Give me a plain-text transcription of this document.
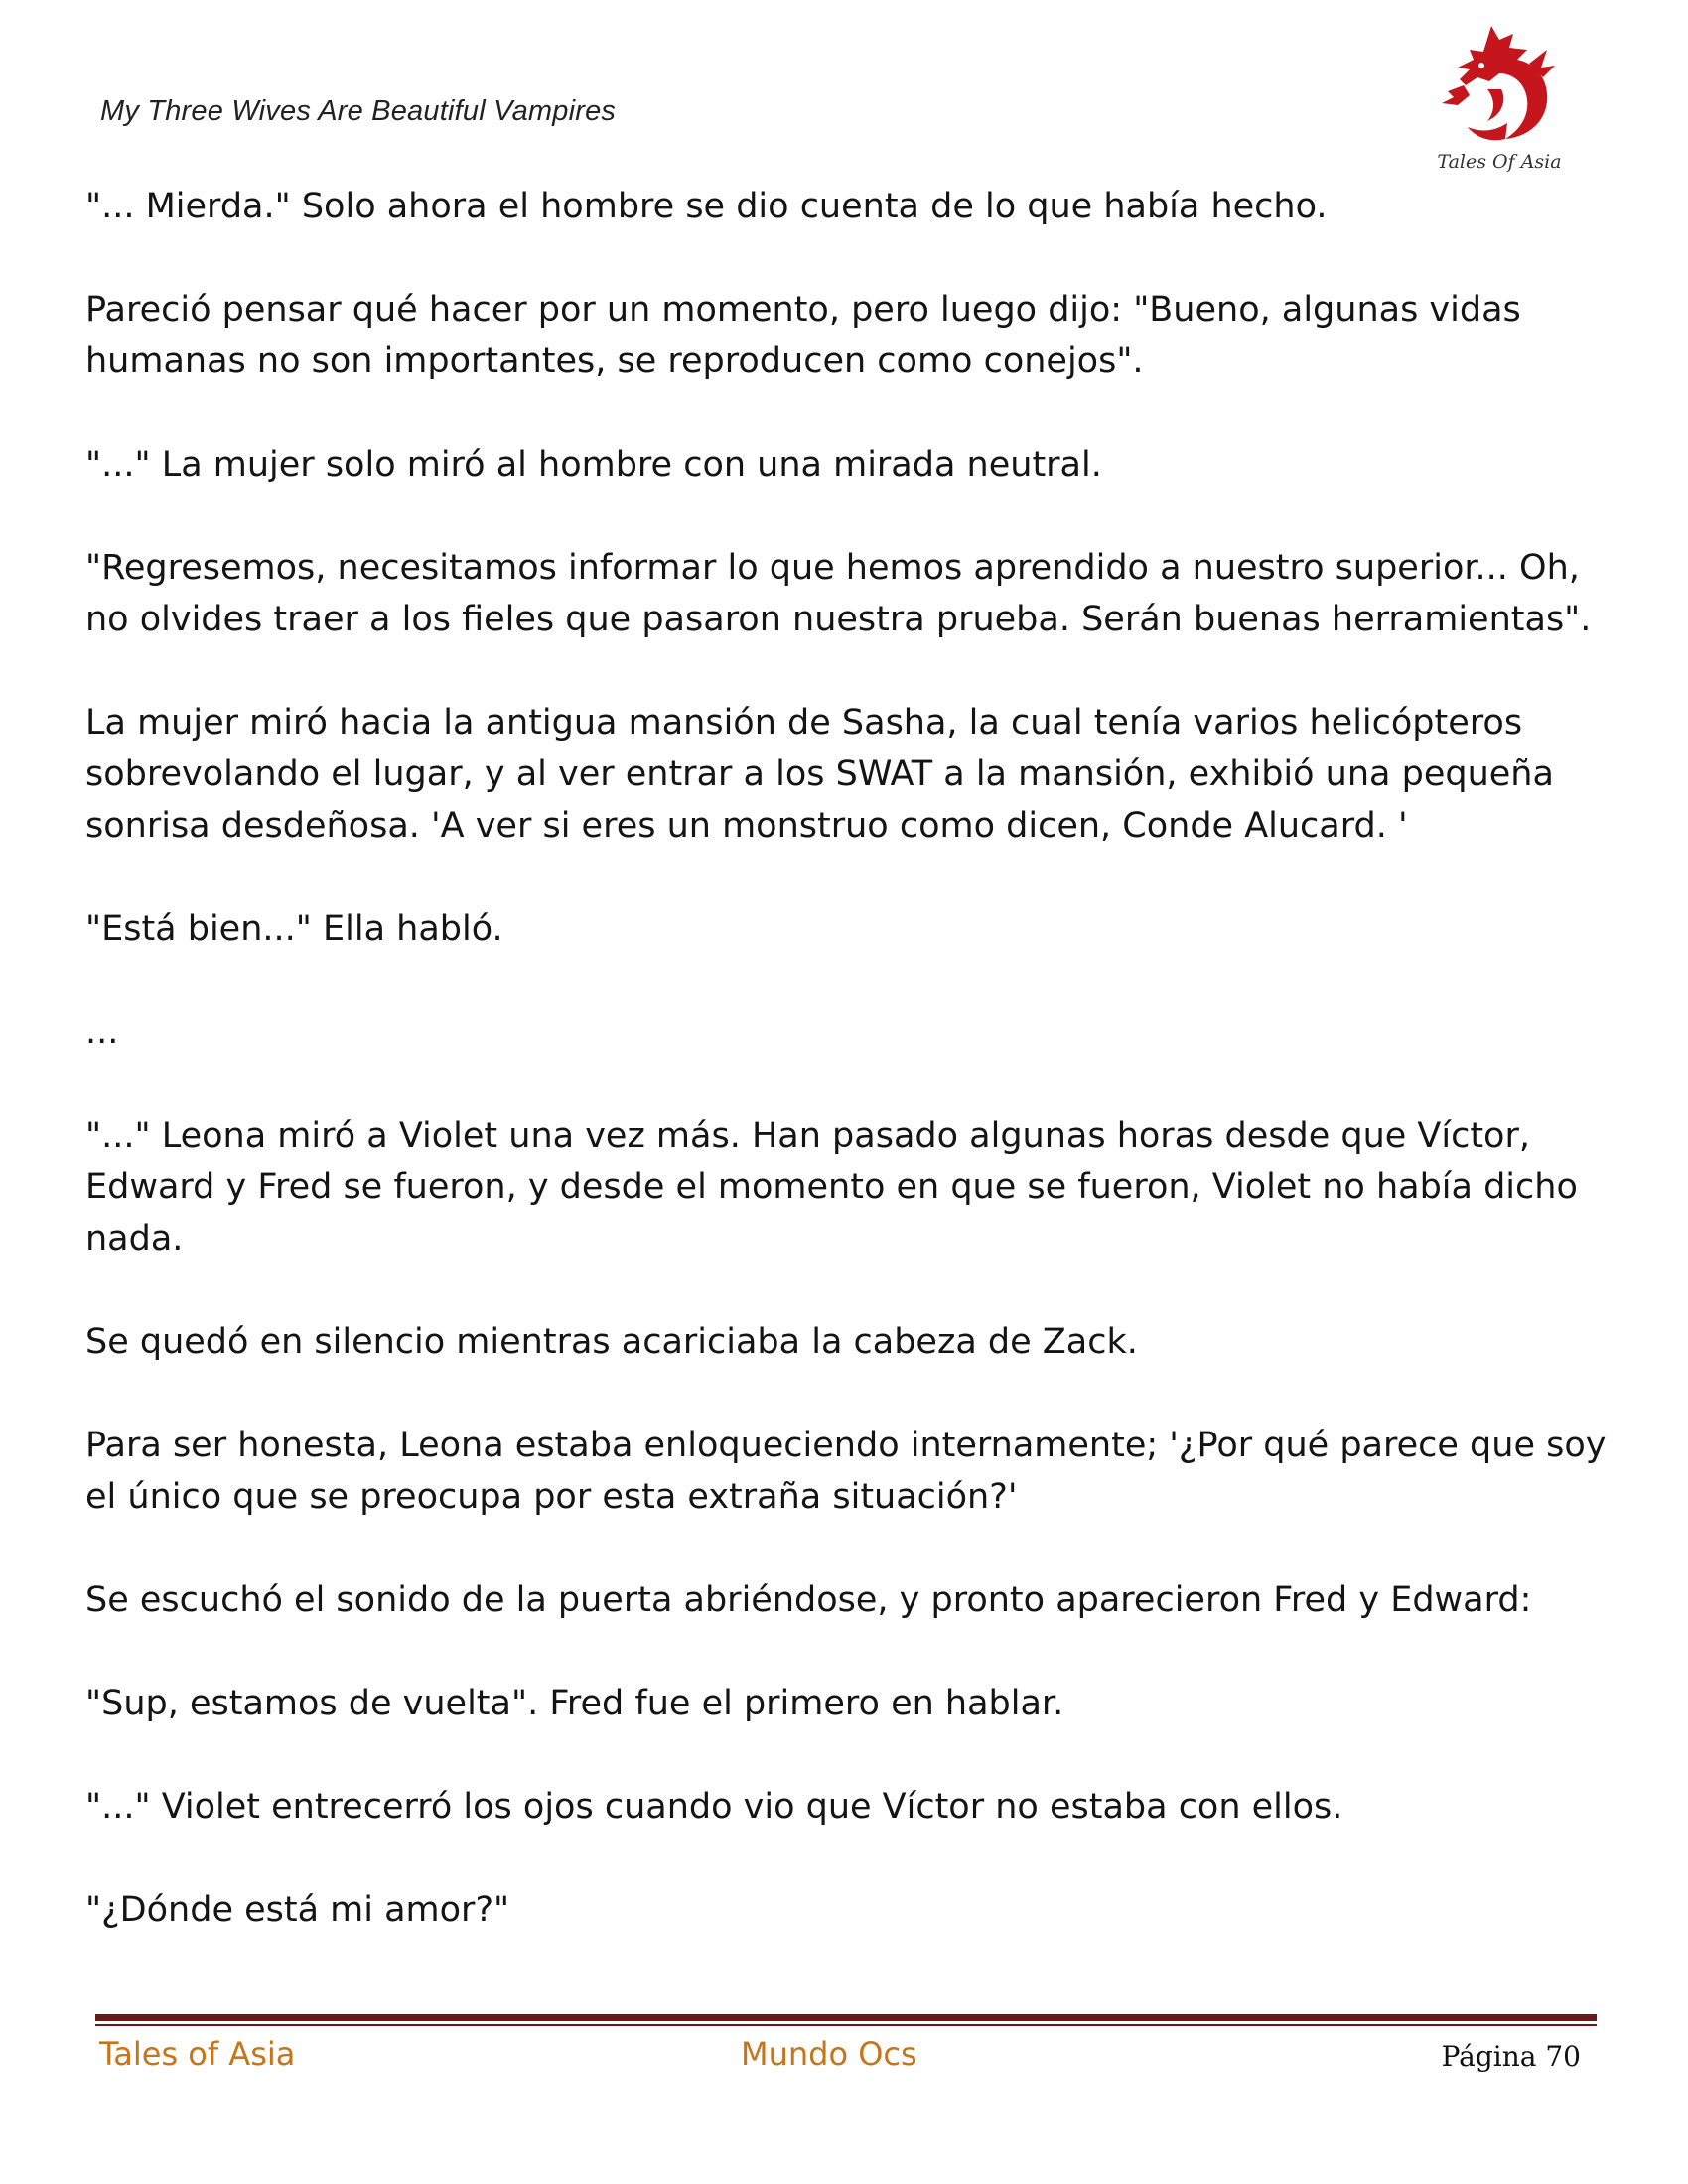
My Three Wives Are Beautiful Vampires
Tales Of Asia

"... Mierda." Solo ahora el hombre se dio cuenta de lo que había hecho.

Pareció pensar qué hacer por un momento, pero luego dijo: "Bueno, algunas vidas humanas no son importantes, se reproducen como conejos".

"..." La mujer solo miró al hombre con una mirada neutral.

"Regresemos, necesitamos informar lo que hemos aprendido a nuestro superior... Oh, no olvides traer a los fieles que pasaron nuestra prueba. Serán buenas herramientas".

La mujer miró hacia la antigua mansión de Sasha, la cual tenía varios helicópteros sobrevolando el lugar, y al ver entrar a los SWAT a la mansión, exhibió una pequeña sonrisa desdeñosa. 'A ver si eres un monstruo como dicen, Conde Alucard. '

"Está bien..." Ella habló.

...

"..." Leona miró a Violet una vez más. Han pasado algunas horas desde que Víctor, Edward y Fred se fueron, y desde el momento en que se fueron, Violet no había dicho nada.

Se quedó en silencio mientras acariciaba la cabeza de Zack.

Para ser honesta, Leona estaba enloqueciendo internamente; '¿Por qué parece que soy el único que se preocupa por esta extraña situación?'

Se escuchó el sonido de la puerta abriéndose, y pronto aparecieron Fred y Edward:

"Sup, estamos de vuelta". Fred fue el primero en hablar.

"..." Violet entrecerró los ojos cuando vio que Víctor no estaba con ellos.

"¿Dónde está mi amor?"

Tales of Asia	Mundo Ocs	Página 70
